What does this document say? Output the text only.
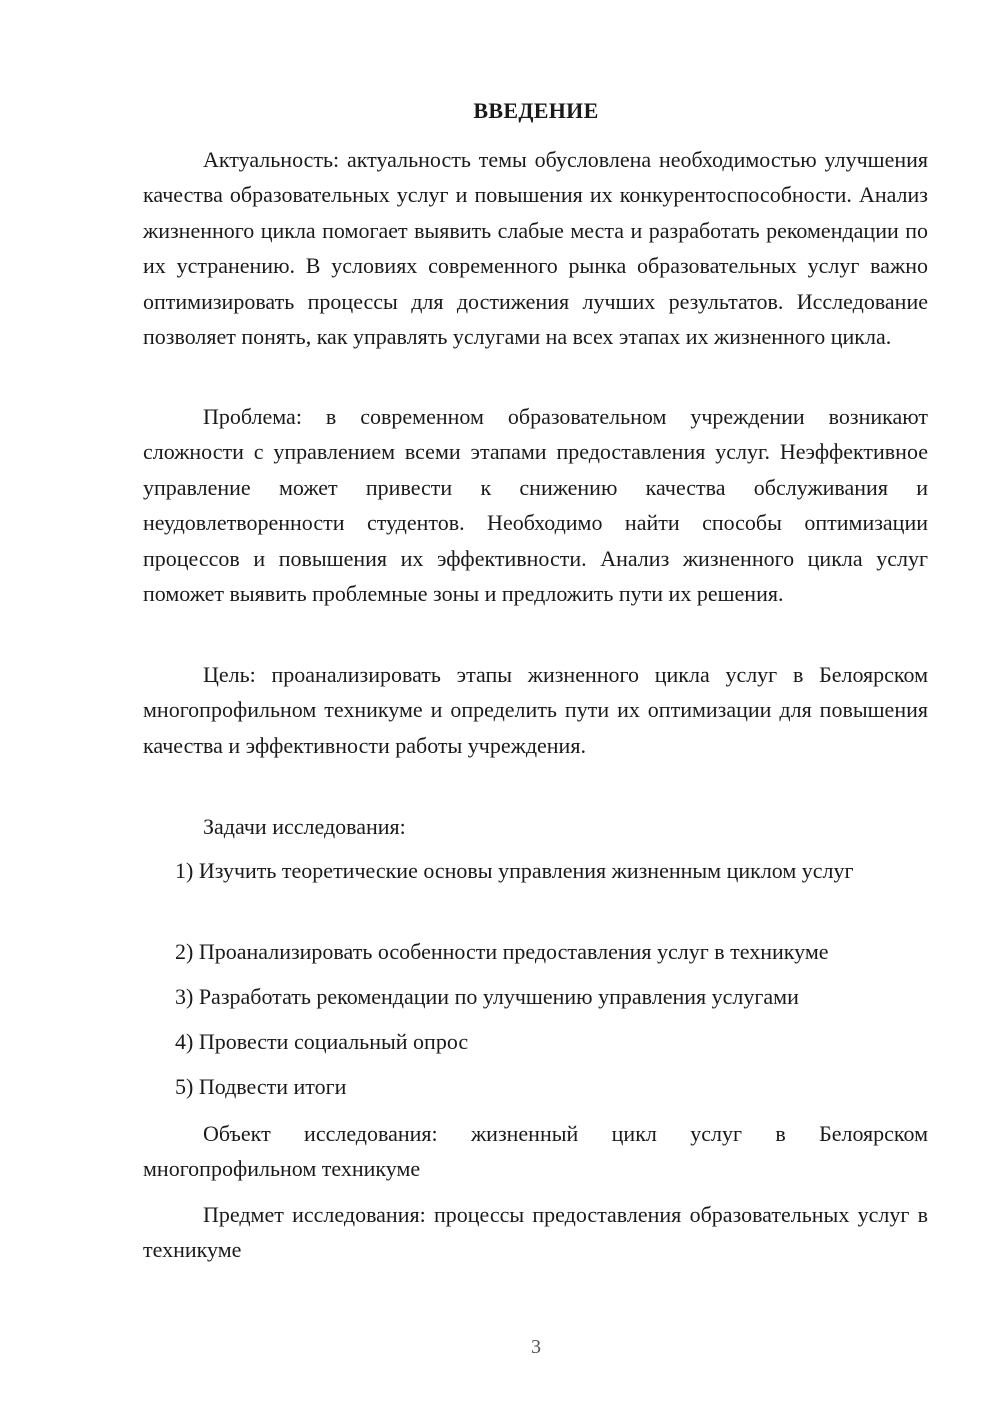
ВВЕДЕНИЕ

Актуальность: актуальность темы обусловлена необходимостью улучшения качества образовательных услуг и повышения их конкурентоспособности. Анализ жизненного цикла помогает выявить слабые места и разработать рекомендации по их устранению. В условиях современного рынка образовательных услуг важно оптимизировать процессы для достижения лучших результатов. Исследование позволяет понять, как управлять услугами на всех этапах их жизненного цикла.

Проблема: в современном образовательном учреждении возникают сложности с управлением всеми этапами предоставления услуг. Неэффективное управление может привести к снижению качества обслуживания и неудовлетворенности студентов. Необходимо найти способы оптимизации процессов и повышения их эффективности. Анализ жизненного цикла услуг поможет выявить проблемные зоны и предложить пути их решения.

Цель: проанализировать этапы жизненного цикла услуг в Белоярском многопрофильном техникуме и определить пути их оптимизации для повышения качества и эффективности работы учреждения.

Задачи исследования:

1) Изучить теоретические основы управления жизненным циклом услуг

2) Проанализировать особенности предоставления услуг в техникуме

3) Разработать рекомендации по улучшению управления услугами

4) Провести социальный опрос

5) Подвести итоги

Объект исследования: жизненный цикл услуг в Белоярском многопрофильном техникуме

Предмет исследования: процессы предоставления образовательных услуг в техникуме

3
